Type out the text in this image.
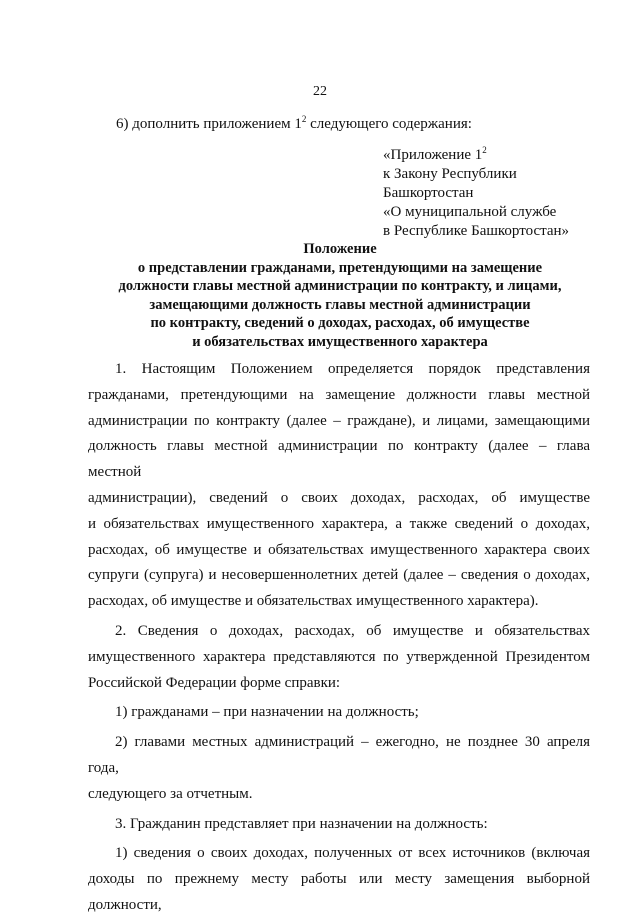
22
6) дополнить приложением $1^2$ следующего содержания:
«Приложение $1^2$
к Закону Республики
Башкортостан
«О муниципальной службе
в Республике Башкортостан»
Положение
о представлении гражданами, претендующими на замещение
должности главы местной администрации по контракту, и лицами,
замещающими должность главы местной администрации
по контракту, сведений о доходах, расходах, об имуществе
и обязательствах имущественного характера

1. Настоящим Положением определяется порядок представления

гражданами, претендующими на замещение должности главы местной

администрации по контракту (далее – граждане), и лицами, замещающими

должность главы местной администрации по контракту (далее – глава местной

администрации), сведений о своих доходах, расходах, об имуществе

и обязательствах имущественного характера, а также сведений о доходах,

расходах, об имуществе и обязательствах имущественного характера своих

супруги (супруга) и несовершеннолетних детей (далее – сведения о доходах,

расходах, об имуществе и обязательствах имущественного характера).

2. Сведения о доходах, расходах, об имуществе и обязательствах

имущественного характера представляются по утвержденной Президентом

Российской Федерации форме справки:

1) гражданами – при назначении на должность;

2) главами местных администраций – ежегодно, не позднее 30 апреля года,

следующего за отчетным.

3. Гражданин представляет при назначении на должность:

1) сведения о своих доходах, полученных от всех источников (включая

доходы по прежнему месту работы или месту замещения выборной должности,
